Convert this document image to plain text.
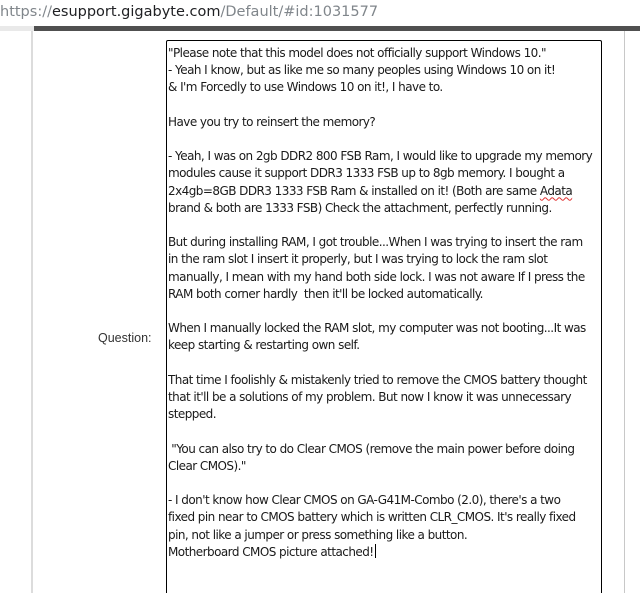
https://esupport.gigabyte.com/Default/#id:1031577
Question:

"Please note that this model does not officially support Windows 10."

- Yeah I know, but as like me so many peoples using Windows 10 on it!

& I'm Forcedly to use Windows 10 on it!, I have to.

Have you try to reinsert the memory?

- Yeah, I was on 2gb DDR2 800 FSB Ram, I would like to upgrade my memory

modules cause it support DDR3 1333 FSB up to 8gb memory. I bought a

2x4gb=8GB DDR3 1333 FSB Ram & installed on it! (Both are same Adata

brand & both are 1333 FSB) Check the attachment, perfectly running.

But during installing RAM, I got trouble...When I was trying to insert the ram

in the ram slot I insert it properly, but I was trying to lock the ram slot

manually, I mean with my hand both side lock. I was not aware If I press the

RAM both corner hardly  then it'll be locked automatically.

When I manually locked the RAM slot, my computer was not booting...It was

keep starting & restarting own self.

That time I foolishly & mistakenly tried to remove the CMOS battery thought

that it'll be a solutions of my problem. But now I know it was unnecessary

stepped.

"You can also try to do Clear CMOS (remove the main power before doing

Clear CMOS)."

- I don't know how Clear CMOS on GA-G41M-Combo (2.0), there's a two

fixed pin near to CMOS battery which is written CLR_CMOS. It's really fixed

pin, not like a jumper or press something like a button.

Motherboard CMOS picture attached!
